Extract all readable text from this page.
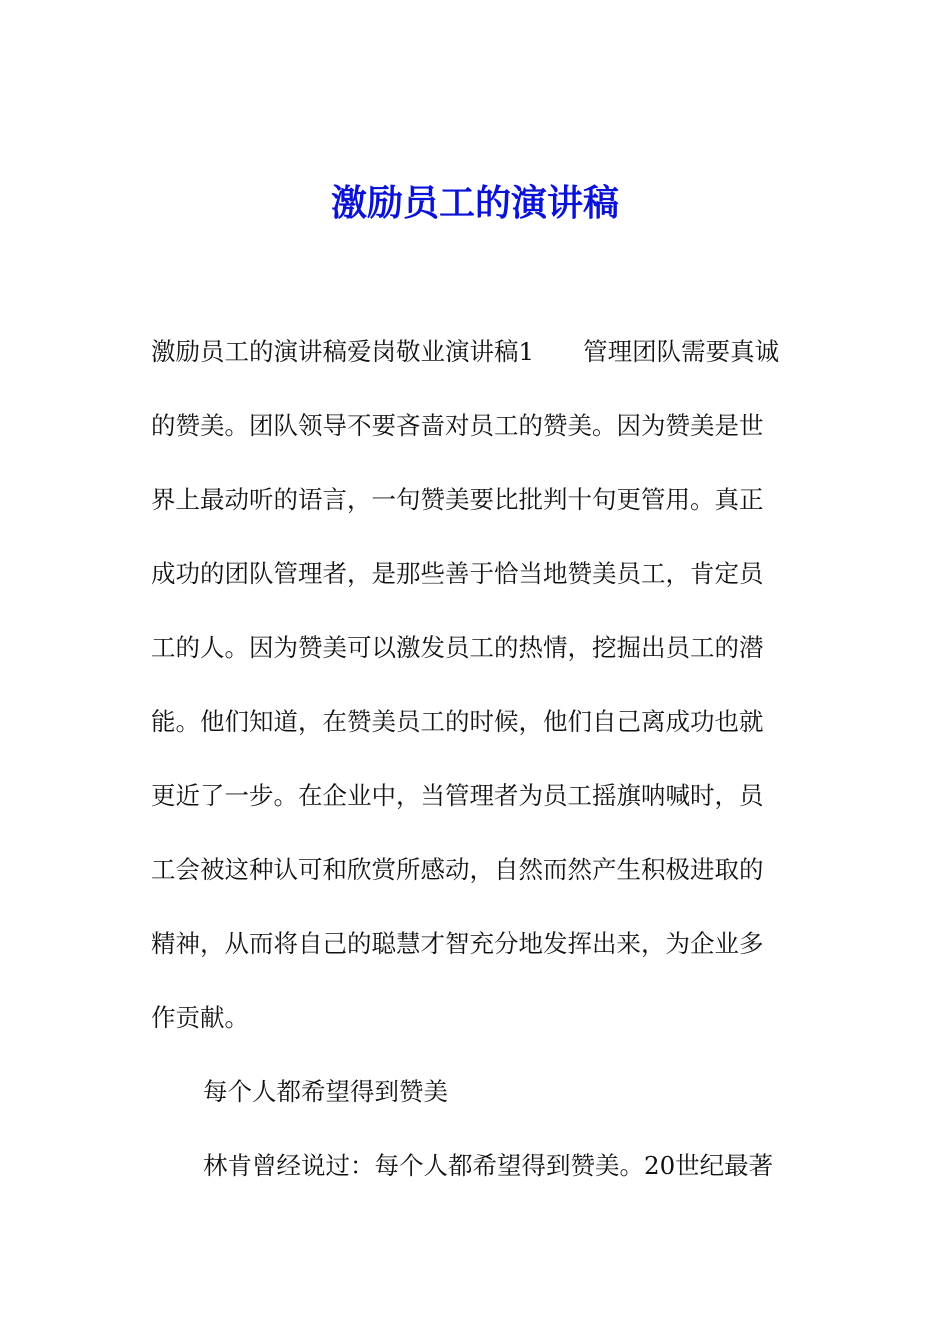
激励员工的演讲稿

激励员工的演讲稿爱岗敬业演讲稿1　　管理团队需要真诚

的赞美。团队领导不要吝啬对员工的赞美。因为赞美是世

界上最动听的语言，一句赞美要比批判十句更管用。真正

成功的团队管理者，是那些善于恰当地赞美员工，肯定员

工的人。因为赞美可以激发员工的热情，挖掘出员工的潜

能。他们知道，在赞美员工的时候，他们自己离成功也就

更近了一步。在企业中，当管理者为员工摇旗呐喊时，员

工会被这种认可和欣赏所感动，自然而然产生积极进取的

精神，从而将自己的聪慧才智充分地发挥出来，为企业多

作贡献。

每个人都希望得到赞美

林肯曾经说过：每个人都希望得到赞美。20世纪最著
